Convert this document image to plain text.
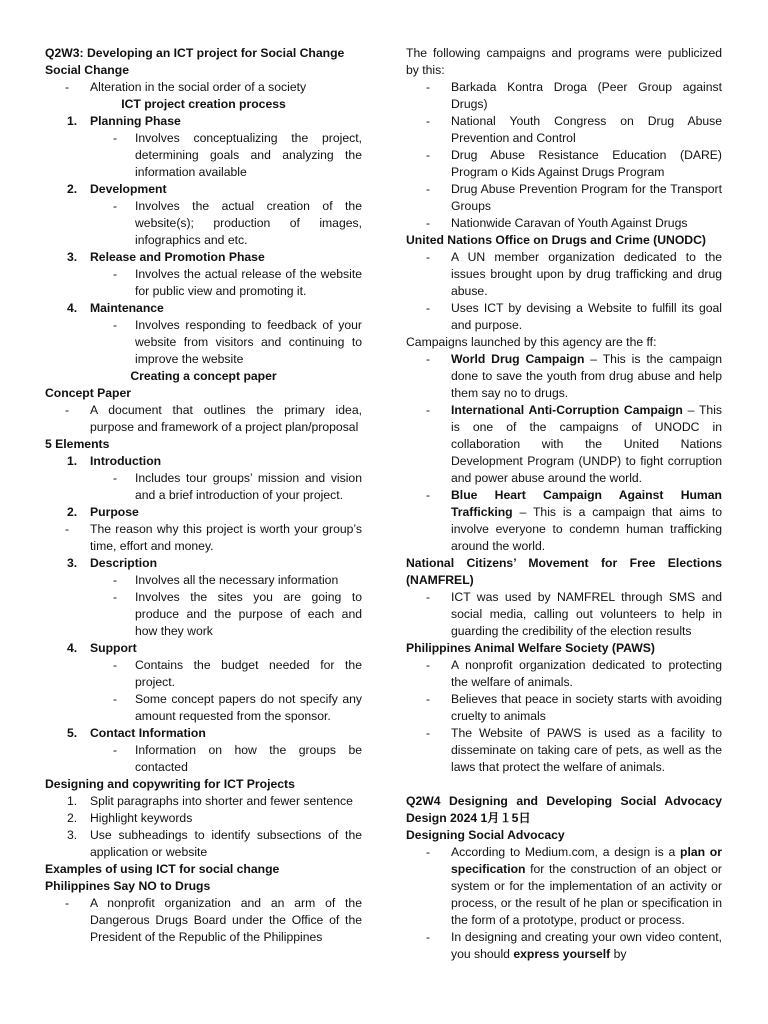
Q2W3: Developing an ICT project for Social Change

Social Change

- Alteration in the social order of a society

ICT project creation process

1. Planning Phase

- Involves conceptualizing the project, determining goals and analyzing the information available

2. Development

- Involves the actual creation of the website(s); production of images, infographics and etc.

3. Release and Promotion Phase

- Involves the actual release of the website for public view and promoting it.

4. Maintenance

- Involves responding to feedback of your website from visitors and continuing to improve the website

Creating a concept paper

Concept Paper

- A document that outlines the primary idea, purpose and framework of a project plan/proposal

5 Elements

1. Introduction

- Includes tour groups’ mission and vision and a brief introduction of your project.

2. Purpose

- The reason why this project is worth your group’s time, effort and money.

3. Description

- Involves all the necessary information

- Involves the sites you are going to produce and the purpose of each and how they work

4. Support

- Contains the budget needed for the project.

- Some concept papers do not specify any amount requested from the sponsor.

5. Contact Information

- Information on how the groups be contacted

Designing and copywriting for ICT Projects

1. Split paragraphs into shorter and fewer sentence

2. Highlight keywords

3. Use subheadings to identify subsections of the application or website

Examples of using ICT for social change

Philippines Say NO to Drugs

- A nonprofit organization and an arm of the Dangerous Drugs Board under the Office of the President of the Republic of the Philippines

The following campaigns and programs were publicized by this:

- Barkada Kontra Droga (Peer Group against Drugs)

- National Youth Congress on Drug Abuse Prevention and Control

- Drug Abuse Resistance Education (DARE) Program o Kids Against Drugs Program

- Drug Abuse Prevention Program for the Transport Groups

- Nationwide Caravan of Youth Against Drugs

United Nations Office on Drugs and Crime (UNODC)

- A UN member organization dedicated to the issues brought upon by drug trafficking and drug abuse.

- Uses ICT by devising a Website to fulfill its goal and purpose.

Campaigns launched by this agency are the ff:

- World Drug Campaign – This is the campaign done to save the youth from drug abuse and help them say no to drugs.

- International Anti-Corruption Campaign – This is one of the campaigns of UNODC in collaboration with the United Nations Development Program (UNDP) to fight corruption and power abuse around the world.

- Blue Heart Campaign Against Human Trafficking – This is a campaign that aims to involve everyone to condemn human trafficking around the world.

National Citizens’ Movement for Free Elections (NAMFREL)

- ICT was used by NAMFREL through SMS and social media, calling out volunteers to help in guarding the credibility of the election results

Philippines Animal Welfare Society (PAWS)

- A nonprofit organization dedicated to protecting the welfare of animals.

- Believes that peace in society starts with avoiding cruelty to animals

- The Website of PAWS is used as a facility to disseminate on taking care of pets, as well as the laws that protect the welfare of animals.

Q2W4 Designing and Developing Social Advocacy Design 2024 1月１5日

Designing Social Advocacy

- According to Medium.com, a design is a plan or specification for the construction of an object or system or for the implementation of an activity or process, or the result of he plan or specification in the form of a prototype, product or process.

- In designing and creating your own video content, you should express yourself by
